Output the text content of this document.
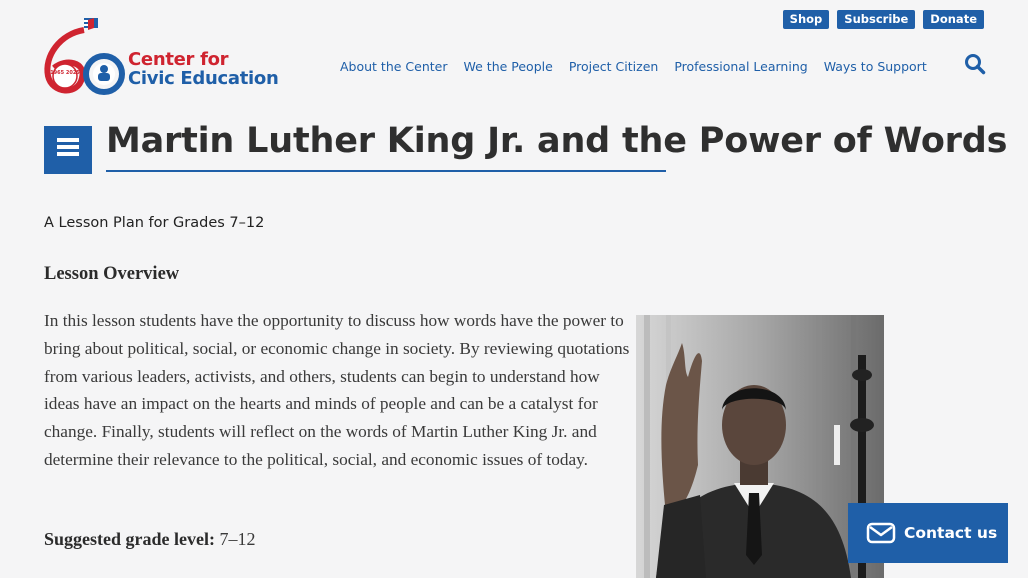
1965 2025
Center for
Civic Education
Shop	Subscribe	Donate
About the Center We the People Project Citizen Professional Learning Ways to Support
Martin Luther King Jr. and the Power of Words
A Lesson Plan for Grades 7–12
Lesson Overview

In this lesson students have the opportunity to discuss how words have the power to bring about political, social, or economic change in society. By reviewing quotations from various leaders, activists, and others, students can begin to understand how ideas have an impact on the hearts and minds of people and can be a catalyst for change. Finally, students will reflect on the words of Martin Luther King Jr. and determine their relevance to the political, social, and economic issues of today.

Suggested grade level: 7–12	Contact us
